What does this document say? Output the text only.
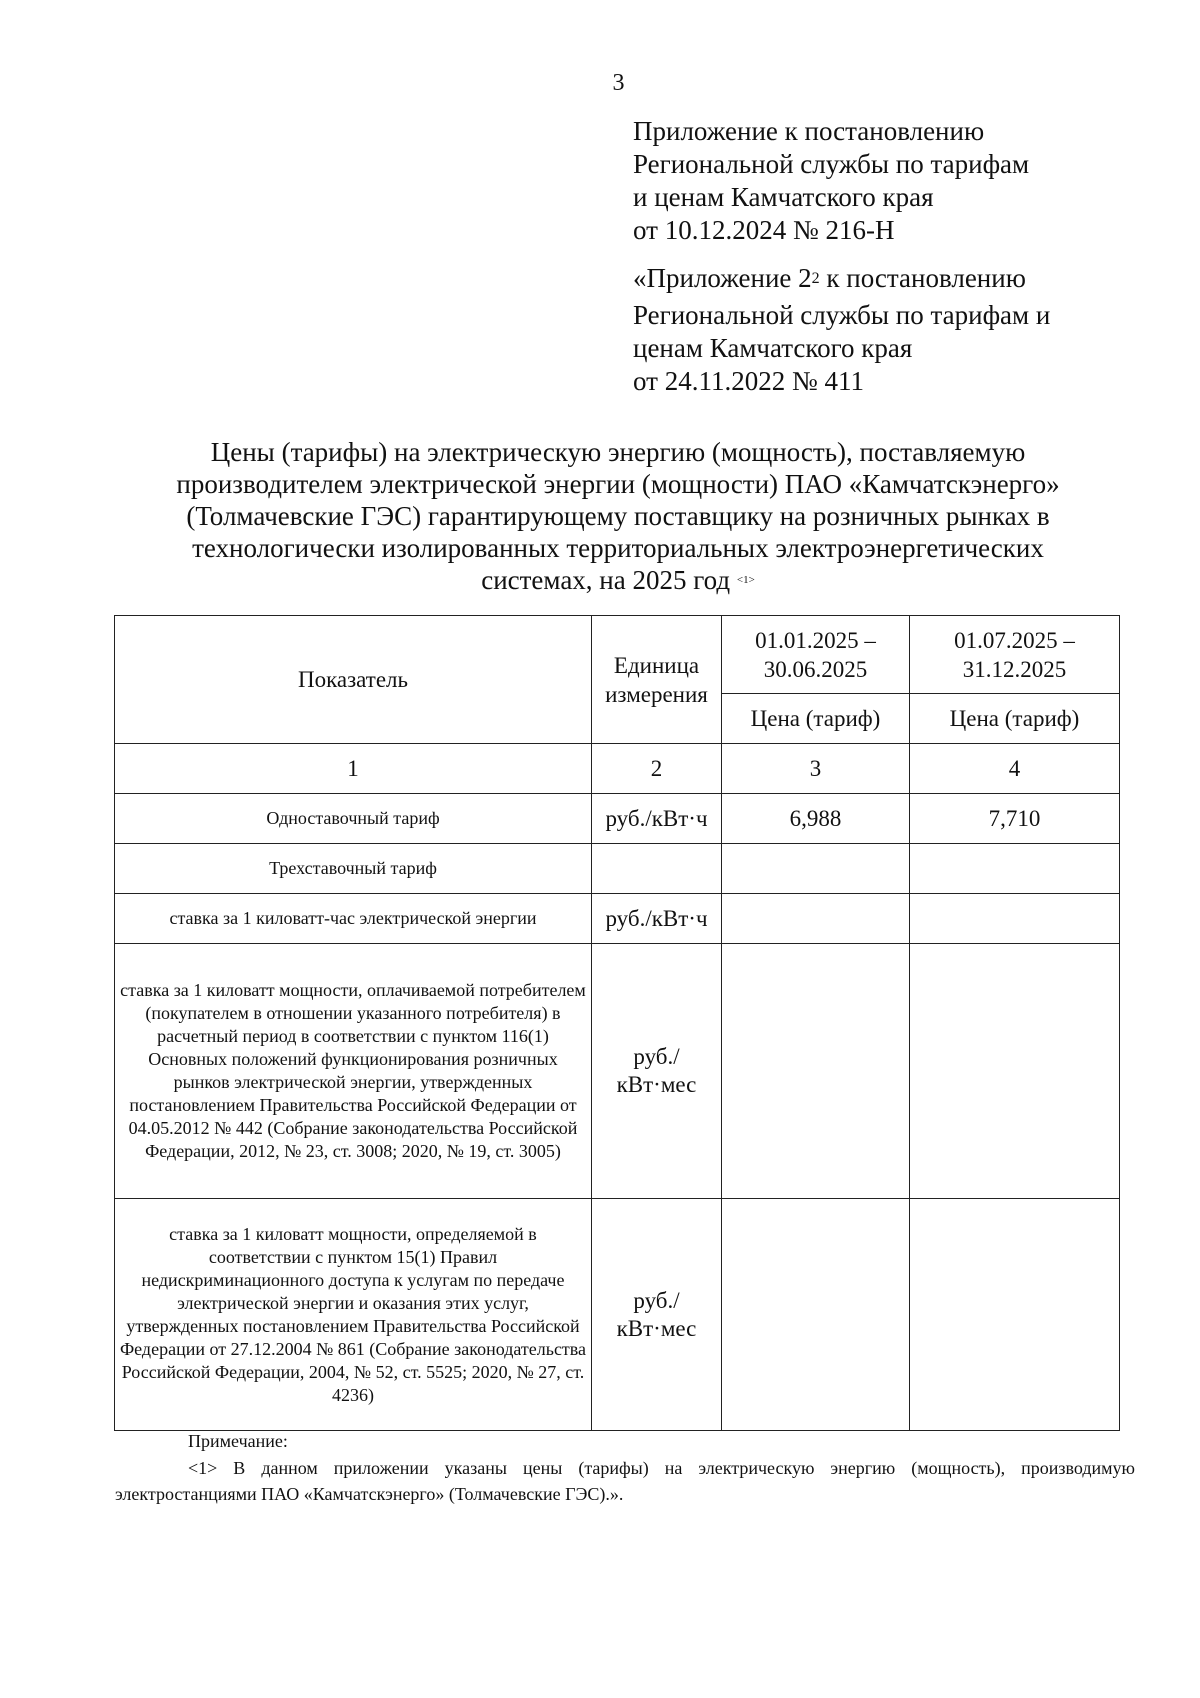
3
Приложение к постановлению
Региональной службы по тарифам
и ценам Камчатского края
от 10.12.2024 № 216-Н
«Приложение $2^2$ к постановлению
Региональной службы по тарифам и
ценам Камчатского края
от 24.11.2022 № 411
Цены (тарифы) на электрическую энергию (мощность), поставляемую
производителем электрической энергии (мощности) ПАО «Камчатскэнерго»
(Толмачевские ГЭС) гарантирующему поставщику на розничных рынках в
технологически изолированных территориальных электроэнергетических
системах, на 2025 год $^{<1>}$
Показатель	Единица измерения	01.01.2025 – 30.06.2025	01.07.2025 – 31.12.2025
		Цена (тариф)	Цена (тариф)
1	2	3	4
Одноставочный тариф	руб./кВт·ч	6,988	7,710
Трехставочный тариф			
ставка за 1 киловатт-час электрической энергии	руб./кВт·ч		
ставка за 1 киловатт мощности, оплачиваемой потребителем (покупателем в отношении указанного потребителя) в расчетный период в соответствии с пунктом 116(1) Основных положений функционирования розничных рынков электрической энергии, утвержденных постановлением Правительства Российской Федерации от 04.05.2012 № 442 (Собрание законодательства Российской Федерации, 2012, № 23, ст. 3008; 2020, № 19, ст. 3005)	руб./ кВт·мес		
ставка за 1 киловатт мощности, определяемой в соответствии с пунктом 15(1) Правил недискриминационного доступа к услугам по передаче электрической энергии и оказания этих услуг, утвержденных постановлением Правительства Российской Федерации от 27.12.2004 № 861 (Собрание законодательства Российской Федерации, 2004, № 52, ст. 5525; 2020, № 27, ст. 4236)	руб./ кВт·мес		
Примечание:
<1> В данном приложении указаны цены (тарифы) на электрическую энергию (мощность), производимую электростанциями ПАО «Камчатскэнерго» (Толмачевские ГЭС).».
